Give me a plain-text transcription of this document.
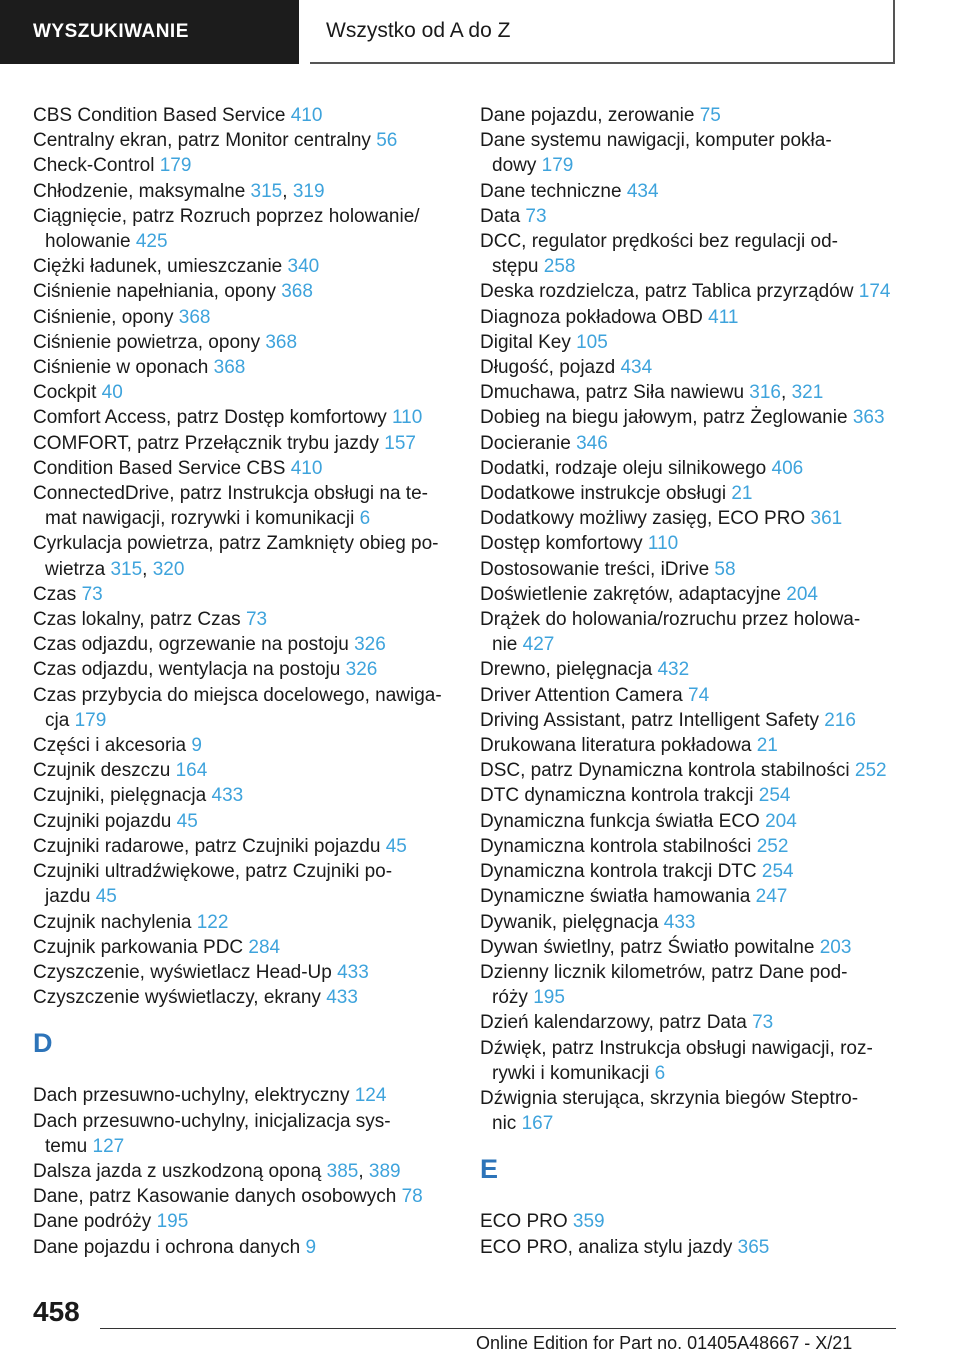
WYSZUKIWANIE	Wszystko od A do Z
CBS Condition Based Service 410
Centralny ekran, patrz Monitor centralny 56
Check-Control 179
Chłodzenie, maksymalne 315, 319
Ciągnięcie, patrz Rozruch poprzez holowanie/
holowanie 425
Ciężki ładunek, umieszczanie 340
Ciśnienie napełniania, opony 368
Ciśnienie, opony 368
Ciśnienie powietrza, opony 368
Ciśnienie w oponach 368
Cockpit 40
Comfort Access, patrz Dostęp komfortowy 110
COMFORT, patrz Przełącznik trybu jazdy 157
Condition Based Service CBS 410
ConnectedDrive, patrz Instrukcja obsługi na te-
mat nawigacji, rozrywki i komunikacji 6
Cyrkulacja powietrza, patrz Zamknięty obieg po-
wietrza 315, 320
Czas 73
Czas lokalny, patrz Czas 73
Czas odjazdu, ogrzewanie na postoju 326
Czas odjazdu, wentylacja na postoju 326
Czas przybycia do miejsca docelowego, nawiga-
cja 179
Części i akcesoria 9
Czujnik deszczu 164
Czujniki, pielęgnacja 433
Czujniki pojazdu 45
Czujniki radarowe, patrz Czujniki pojazdu 45
Czujniki ultradźwiękowe, patrz Czujniki po-
jazdu 45
Czujnik nachylenia 122
Czujnik parkowania PDC 284
Czyszczenie, wyświetlacz Head-Up 433
Czyszczenie wyświetlaczy, ekrany 433
D
Dach przesuwno-uchylny, elektryczny 124
Dach przesuwno-uchylny, inicjalizacja sys-
temu 127
Dalsza jazda z uszkodzoną oponą 385, 389
Dane, patrz Kasowanie danych osobowych 78
Dane podróży 195
Dane pojazdu i ochrona danych 9
Dane pojazdu, zerowanie 75
Dane systemu nawigacji, komputer pokła-
dowy 179
Dane techniczne 434
Data 73
DCC, regulator prędkości bez regulacji od-
stępu 258
Deska rozdzielcza, patrz Tablica przyrządów 174
Diagnoza pokładowa OBD 411
Digital Key 105
Długość, pojazd 434
Dmuchawa, patrz Siła nawiewu 316, 321
Dobieg na biegu jałowym, patrz Żeglowanie 363
Docieranie 346
Dodatki, rodzaje oleju silnikowego 406
Dodatkowe instrukcje obsługi 21
Dodatkowy możliwy zasięg, ECO PRO 361
Dostęp komfortowy 110
Dostosowanie treści, iDrive 58
Doświetlenie zakrętów, adaptacyjne 204
Drążek do holowania/rozruchu przez holowa-
nie 427
Drewno, pielęgnacja 432
Driver Attention Camera 74
Driving Assistant, patrz Intelligent Safety 216
Drukowana literatura pokładowa 21
DSC, patrz Dynamiczna kontrola stabilności 252
DTC dynamiczna kontrola trakcji 254
Dynamiczna funkcja światła ECO 204
Dynamiczna kontrola stabilności 252
Dynamiczna kontrola trakcji DTC 254
Dynamiczne światła hamowania 247
Dywanik, pielęgnacja 433
Dywan świetlny, patrz Światło powitalne 203
Dzienny licznik kilometrów, patrz Dane pod-
róży 195
Dzień kalendarzowy, patrz Data 73
Dźwięk, patrz Instrukcja obsługi nawigacji, roz-
rywki i komunikacji 6
Dźwignia sterująca, skrzynia biegów Steptro-
nic 167
E
ECO PRO 359
ECO PRO, analiza stylu jazdy 365
458
Online Edition for Part no. 01405A48667 - X/21
